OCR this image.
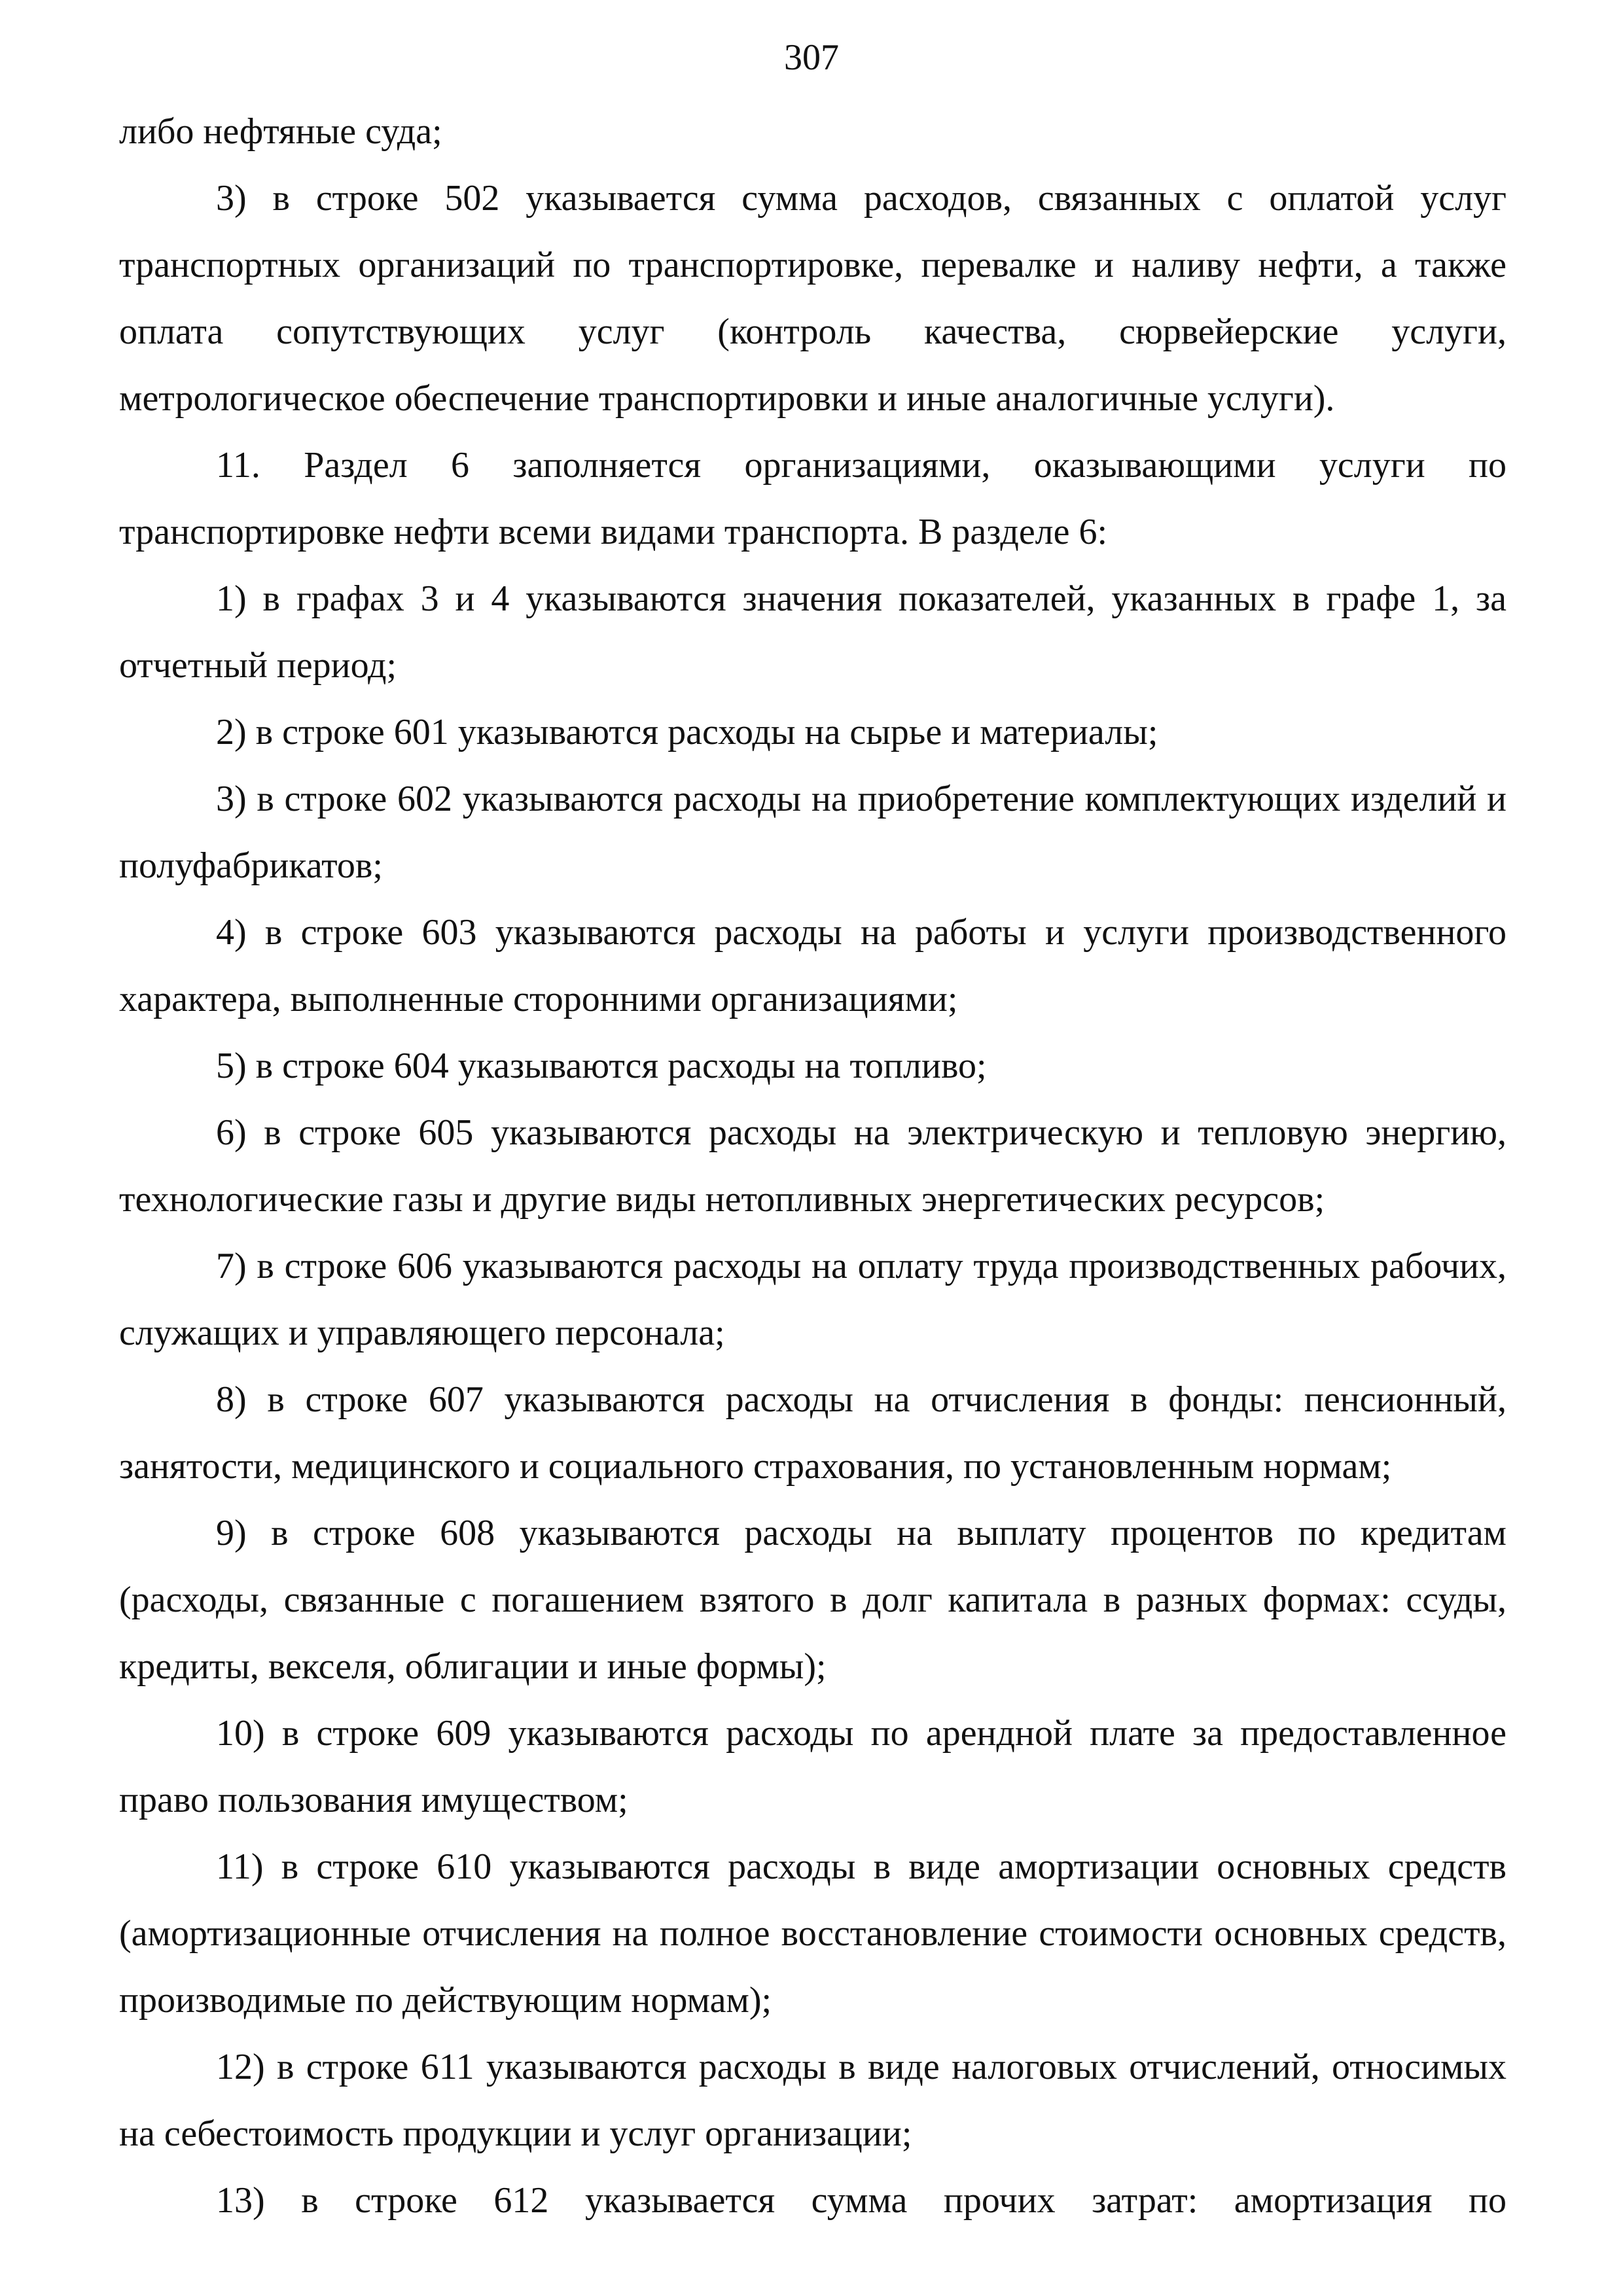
307

либо нефтяные суда;

3) в строке 502 указывается сумма расходов, связанных с оплатой услуг транспортных организаций по транспортировке, перевалке и наливу нефти, а также оплата сопутствующих услуг (контроль качества, сюрвейерские услуги, метрологическое обеспечение транспортировки и иные аналогичные услуги).

11. Раздел 6 заполняется организациями, оказывающими услуги по транспортировке нефти всеми видами транспорта. В разделе 6:

1) в графах 3 и 4 указываются значения показателей, указанных в графе 1, за отчетный период;

2) в строке 601 указываются расходы на сырье и материалы;

3) в строке 602 указываются расходы на приобретение комплектующих изделий и полуфабрикатов;

4) в строке 603 указываются расходы на работы и услуги производственного характера, выполненные сторонними организациями;

5) в строке 604 указываются расходы на топливо;

6) в строке 605 указываются расходы на электрическую и тепловую энергию, технологические газы и другие виды нетопливных энергетических ресурсов;

7) в строке 606 указываются расходы на оплату труда производственных рабочих, служащих и управляющего персонала;

8) в строке 607 указываются расходы на отчисления в фонды: пенсионный, занятости, медицинского и социального страхования, по установленным нормам;

9) в строке 608 указываются расходы на выплату процентов по кредитам (расходы, связанные с погашением взятого в долг капитала в разных формах: ссуды, кредиты, векселя, облигации и иные формы);

10) в строке 609 указываются расходы по арендной плате за предоставленное право пользования имуществом;

11) в строке 610 указываются расходы в виде амортизации основных средств (амортизационные отчисления на полное восстановление стоимости основных средств, производимые по действующим нормам);

12) в строке 611 указываются расходы в виде налоговых отчислений, относимых на себестоимость продукции и услуг организации;

13) в строке 612 указывается сумма прочих затрат: амортизация по
